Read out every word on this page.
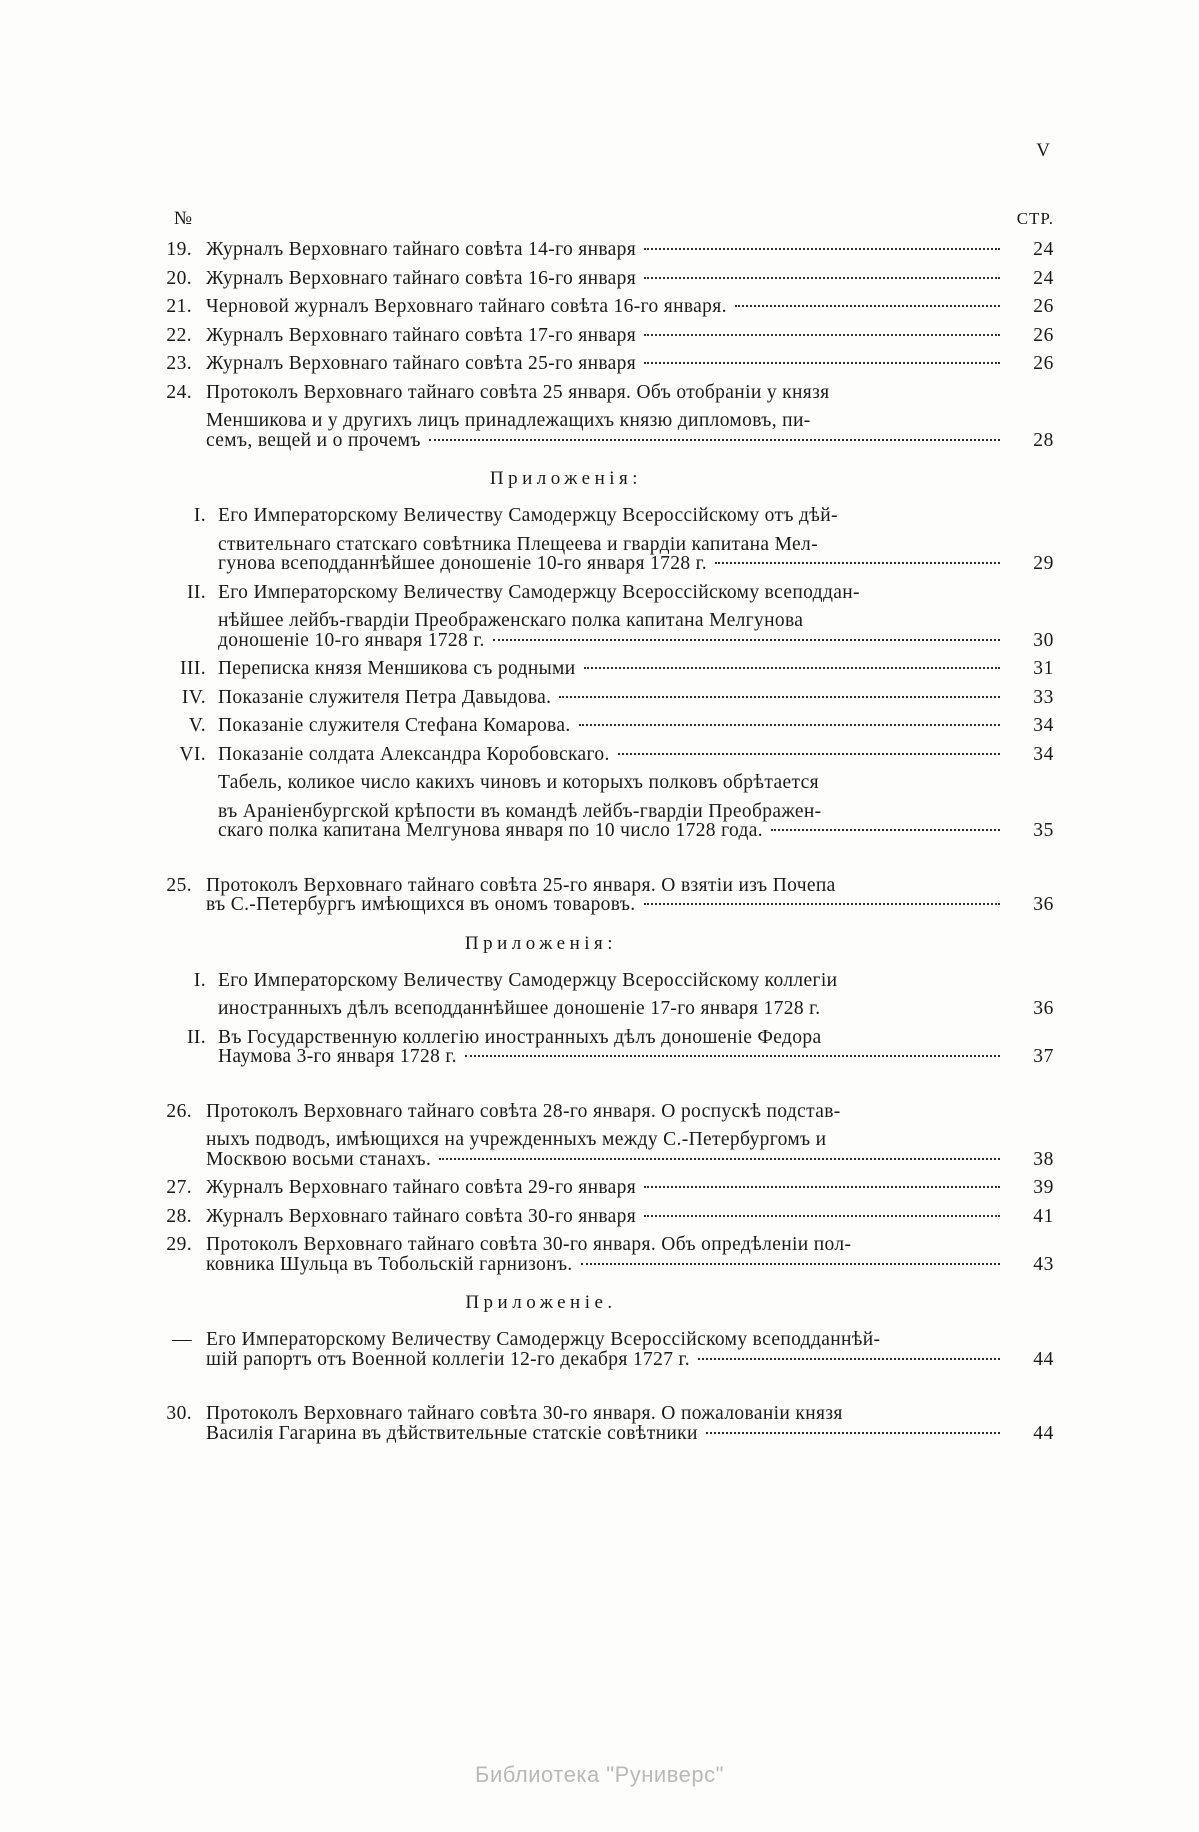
V
№	СТР.
19. Журналъ Верховнаго тайнаго совѣта 14-го января	24
20. Журналъ Верховнаго тайнаго совѣта 16-го января	24
21. Черновой журналъ Верховнаго тайнаго совѣта 16-го января.	26
22. Журналъ Верховнаго тайнаго совѣта 17-го января	26
23. Журналъ Верховнаго тайнаго совѣта 25-го января	26
24. Протоколъ Верховнаго тайнаго совѣта 25 января. Объ отобраніи у князя
Меншикова и у другихъ лицъ принадлежащихъ князю дипломовъ, пи-
семъ, вещей и о прочемъ	28
Приложенія:
I. Его Императорскому Величеству Самодержцу Всероссійскому отъ дѣй-
ствительнаго статскаго совѣтника Плещеева и гвардіи капитана Мел-
гунова всеподданнѣйшее доношеніе 10-го января 1728 г.	29
II. Его Императорскому Величеству Самодержцу Всероссійскому всеподдан-
нѣйшее лейбъ-гвардіи Преображенскаго полка капитана Мелгунова
доношеніе 10-го января 1728 г.	30
III. Переписка князя Меншикова съ родными	31
IV. Показаніе служителя Петра Давыдова.	33
V. Показаніе служителя Стефана Комарова.	34
VI. Показаніе солдата Александра Коробовскаго.	34
Табель, коликое число какихъ чиновъ и которыхъ полковъ обрѣтается
въ Араніенбургской крѣпости въ командѣ лейбъ-гвардіи Преображен-
скаго полка капитана Мелгунова января по 10 число 1728 года.	35
25. Протоколъ Верховнаго тайнаго совѣта 25-го января. О взятіи изъ Почепа
въ С.-Петербургъ имѣющихся въ ономъ товаровъ.	36
Приложенія:
I. Его Императорскому Величеству Самодержцу Всероссійскому коллегіи
иностранныхъ дѣлъ всеподданнѣйшее доношеніе 17-го января 1728 г.	36
II. Въ Государственную коллегію иностранныхъ дѣлъ доношеніе Федора
Наумова 3-го января 1728 г.	37
26. Протоколъ Верховнаго тайнаго совѣта 28-го января. О роспускѣ подстав-
ныхъ подводъ, имѣющихся на учрежденныхъ между С.-Петербургомъ и
Москвою восьми станахъ.	38
27. Журналъ Верховнаго тайнаго совѣта 29-го января	39
28. Журналъ Верховнаго тайнаго совѣта 30-го января	41
29. Протоколъ Верховнаго тайнаго совѣта 30-го января. Объ опредѣленіи пол-
ковника Шульца въ Тобольскій гарнизонъ.	43
Приложеніе.
— Его Императорскому Величеству Самодержцу Всероссійскому всеподданнѣй-
шій рапортъ отъ Военной коллегіи 12-го декабря 1727 г.	44
30. Протоколъ Верховнаго тайнаго совѣта 30-го января. О пожалованіи князя
Василія Гагарина въ дѣйствительные статскіе совѣтники	44
Библиотека "Руниверс"
